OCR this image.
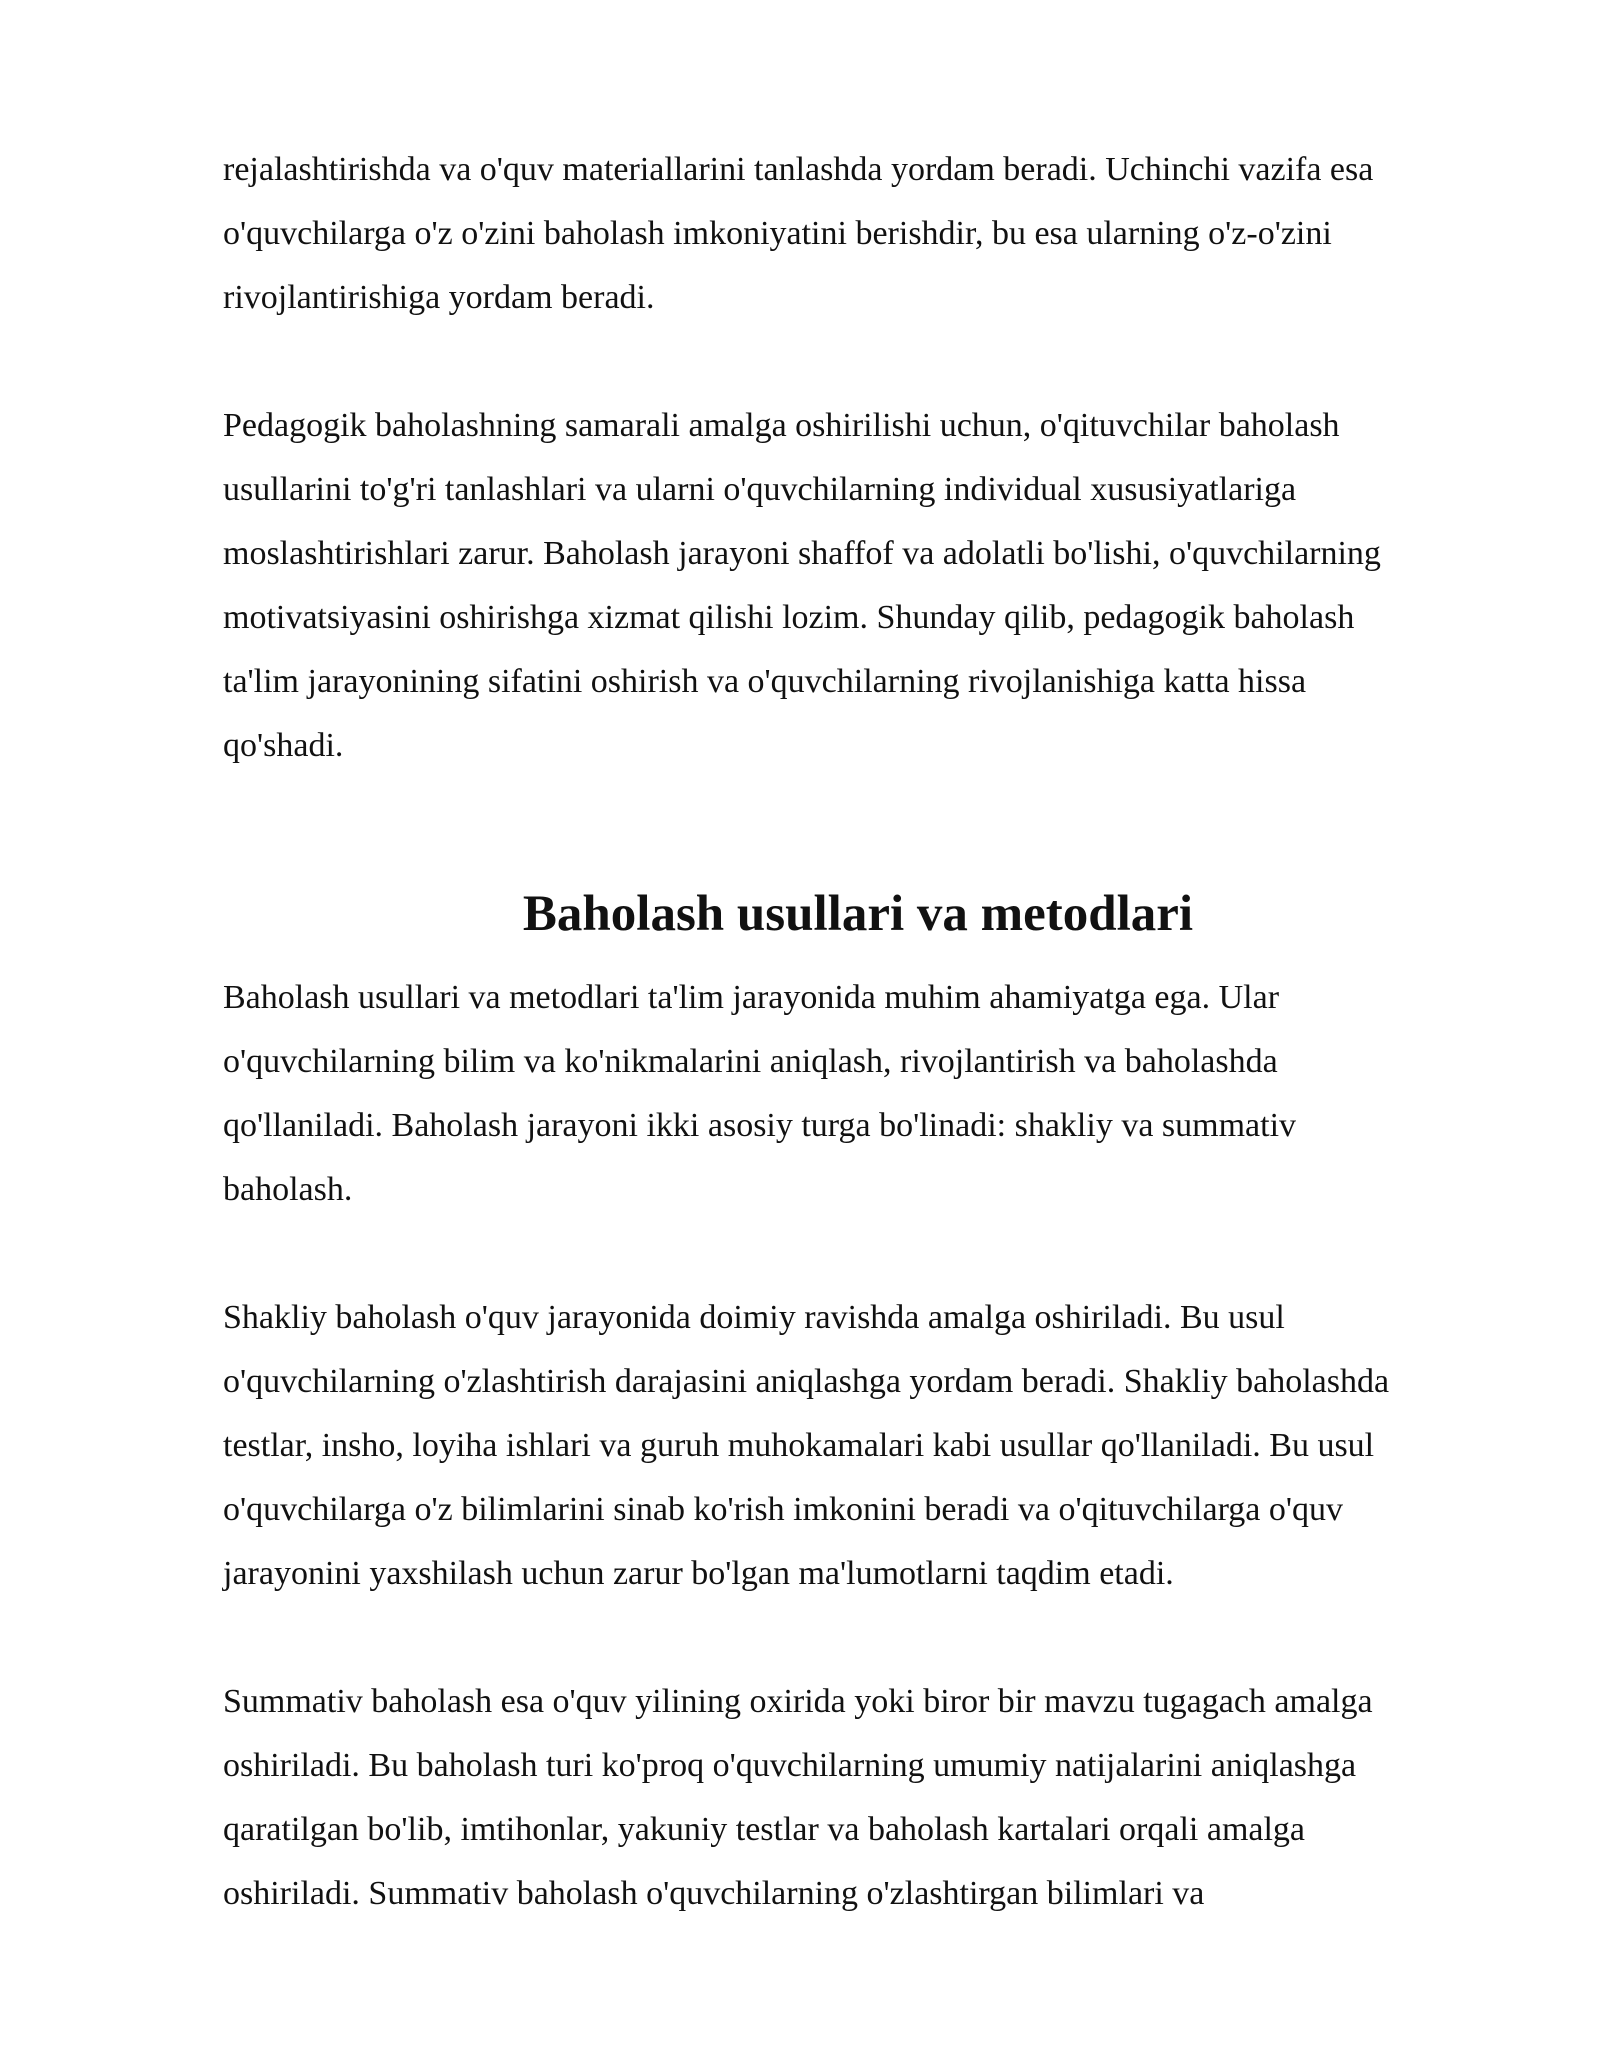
rejalashtirishda va o'quv materiallarini tanlashda yordam beradi. Uchinchi vazifa esa
o'quvchilarga o'z o'zini baholash imkoniyatini berishdir, bu esa ularning o'z-o'zini
rivojlantirishiga yordam beradi.

Pedagogik baholashning samarali amalga oshirilishi uchun, o'qituvchilar baholash
usullarini to'g'ri tanlashlari va ularni o'quvchilarning individual xususiyatlariga
moslashtirishlari zarur. Baholash jarayoni shaffof va adolatli bo'lishi, o'quvchilarning
motivatsiyasini oshirishga xizmat qilishi lozim. Shunday qilib, pedagogik baholash
ta'lim jarayonining sifatini oshirish va o'quvchilarning rivojlanishiga katta hissa
qo'shadi.

Baholash usullari va metodlari

Baholash usullari va metodlari ta'lim jarayonida muhim ahamiyatga ega. Ular
o'quvchilarning bilim va ko'nikmalarini aniqlash, rivojlantirish va baholashda
qo'llaniladi. Baholash jarayoni ikki asosiy turga bo'linadi: shakliy va summativ
baholash.

Shakliy baholash o'quv jarayonida doimiy ravishda amalga oshiriladi. Bu usul
o'quvchilarning o'zlashtirish darajasini aniqlashga yordam beradi. Shakliy baholashda
testlar, insho, loyiha ishlari va guruh muhokamalari kabi usullar qo'llaniladi. Bu usul
o'quvchilarga o'z bilimlarini sinab ko'rish imkonini beradi va o'qituvchilarga o'quv
jarayonini yaxshilash uchun zarur bo'lgan ma'lumotlarni taqdim etadi.

Summativ baholash esa o'quv yilining oxirida yoki biror bir mavzu tugagach amalga
oshiriladi. Bu baholash turi ko'proq o'quvchilarning umumiy natijalarini aniqlashga
qaratilgan bo'lib, imtihonlar, yakuniy testlar va baholash kartalari orqali amalga
oshiriladi. Summativ baholash o'quvchilarning o'zlashtirgan bilimlari va
